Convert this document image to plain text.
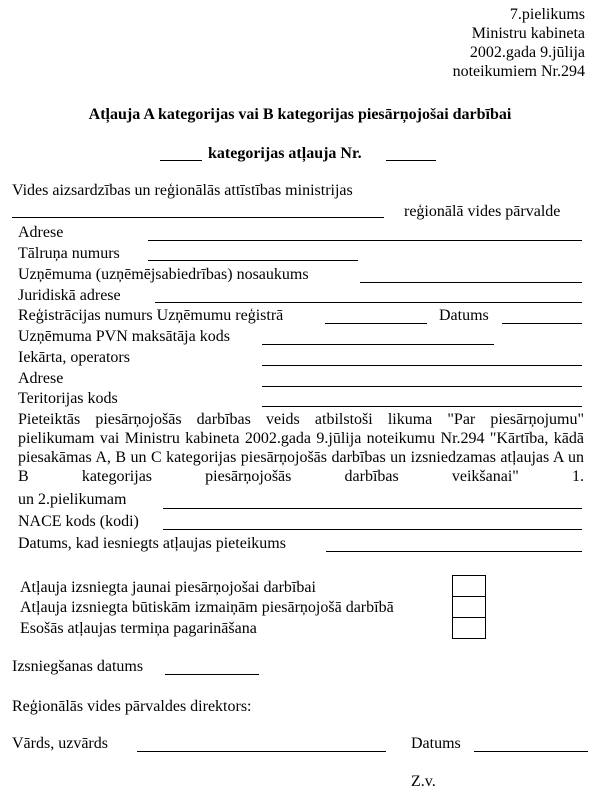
7.pielikums
Ministru kabineta
2002.gada 9.jūlija
noteikumiem Nr.294
Atļauja A kategorijas vai B kategorijas piesārņojošai darbībai
kategorijas atļauja Nr.
Vides aizsardzības un reģionālās attīstības ministrijas
reģionālā vides pārvalde
Adrese
Tālruņa numurs
Uzņēmuma (uzņēmējsabiedrības) nosaukums
Juridiskā adrese
Reģistrācijas numurs Uzņēmumu reģistrā	Datums
Uzņēmuma PVN maksātāja kods
Iekārta, operators
Adrese
Teritorijas kods
Pieteiktās piesārņojošās darbības veids atbilstoši likuma "Par piesārņojumu" pielikumam vai Ministru kabineta 2002.gada 9.jūlija noteikumu Nr.294 "Kārtība, kādā piesakāmas A, B un C kategorijas piesārņojošās darbības un izsniedzamas atļaujas A un B kategorijas piesārņojošās darbības veikšanai" 1.
un 2.pielikumam
NACE kods (kodi)
Datums, kad iesniegts atļaujas pieteikums
Atļauja izsniegta jaunai piesārņojošai darbībai
Atļauja izsniegta būtiskām izmaiņām piesārņojošā darbībā
Esošās atļaujas termiņa pagarināšana
Izsniegšanas datums
Reģionālās vides pārvaldes direktors:
Vārds, uzvārds	Datums
Z.v.
